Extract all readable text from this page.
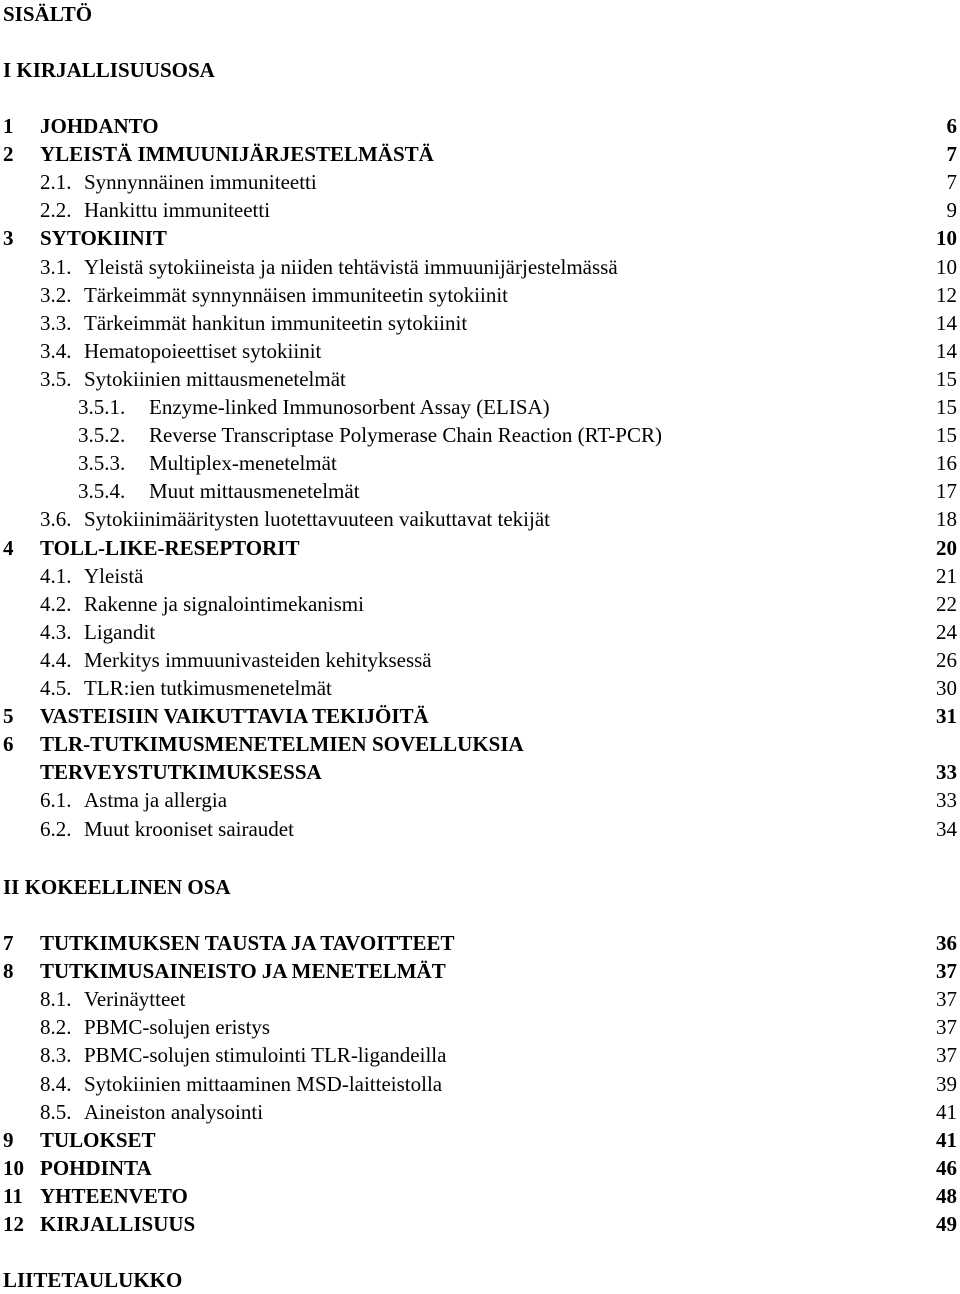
SISÄLTÖ
I KIRJALLISUUSOSA
1 JOHDANTO	6
2 YLEISTÄ IMMUUNIJÄRJESTELMÄSTÄ	7
2.1. Synnynnäinen immuniteetti	7
2.2. Hankittu immuniteetti	9
3 SYTOKIINIT	10
3.1. Yleistä sytokiineista ja niiden tehtävistä immuunijärjestelmässä	10
3.2. Tärkeimmät synnynnäisen immuniteetin sytokiinit	12
3.3. Tärkeimmät hankitun immuniteetin sytokiinit	14
3.4. Hematopoieettiset sytokiinit	14
3.5. Sytokiinien mittausmenetelmät	15
3.5.1. Enzyme-linked Immunosorbent Assay (ELISA)	15
3.5.2. Reverse Transcriptase Polymerase Chain Reaction (RT-PCR)	15
3.5.3. Multiplex-menetelmät	16
3.5.4. Muut mittausmenetelmät	17
3.6. Sytokiinimääritysten luotettavuuteen vaikuttavat tekijät	18
4 TOLL-LIKE-RESEPTORIT	20
4.1. Yleistä	21
4.2. Rakenne ja signalointimekanismi	22
4.3. Ligandit	24
4.4. Merkitys immuunivasteiden kehityksessä	26
4.5. TLR:ien tutkimusmenetelmät	30
5 VASTEISIIN VAIKUTTAVIA TEKIJÖITÄ	31
6 TLR-TUTKIMUSMENETELMIEN SOVELLUKSIA
TERVEYSTUTKIMUKSESSA	33
6.1. Astma ja allergia	33
6.2. Muut krooniset sairaudet	34
II KOKEELLINEN OSA
7 TUTKIMUKSEN TAUSTA JA TAVOITTEET	36
8 TUTKIMUSAINEISTO JA MENETELMÄT	37
8.1. Verinäytteet	37
8.2. PBMC-solujen eristys	37
8.3. PBMC-solujen stimulointi TLR-ligandeilla	37
8.4. Sytokiinien mittaaminen MSD-laitteistolla	39
8.5. Aineiston analysointi	41
9 TULOKSET	41
10 POHDINTA	46
11 YHTEENVETO	48
12 KIRJALLISUUS	49
LIITETAULUKKO
